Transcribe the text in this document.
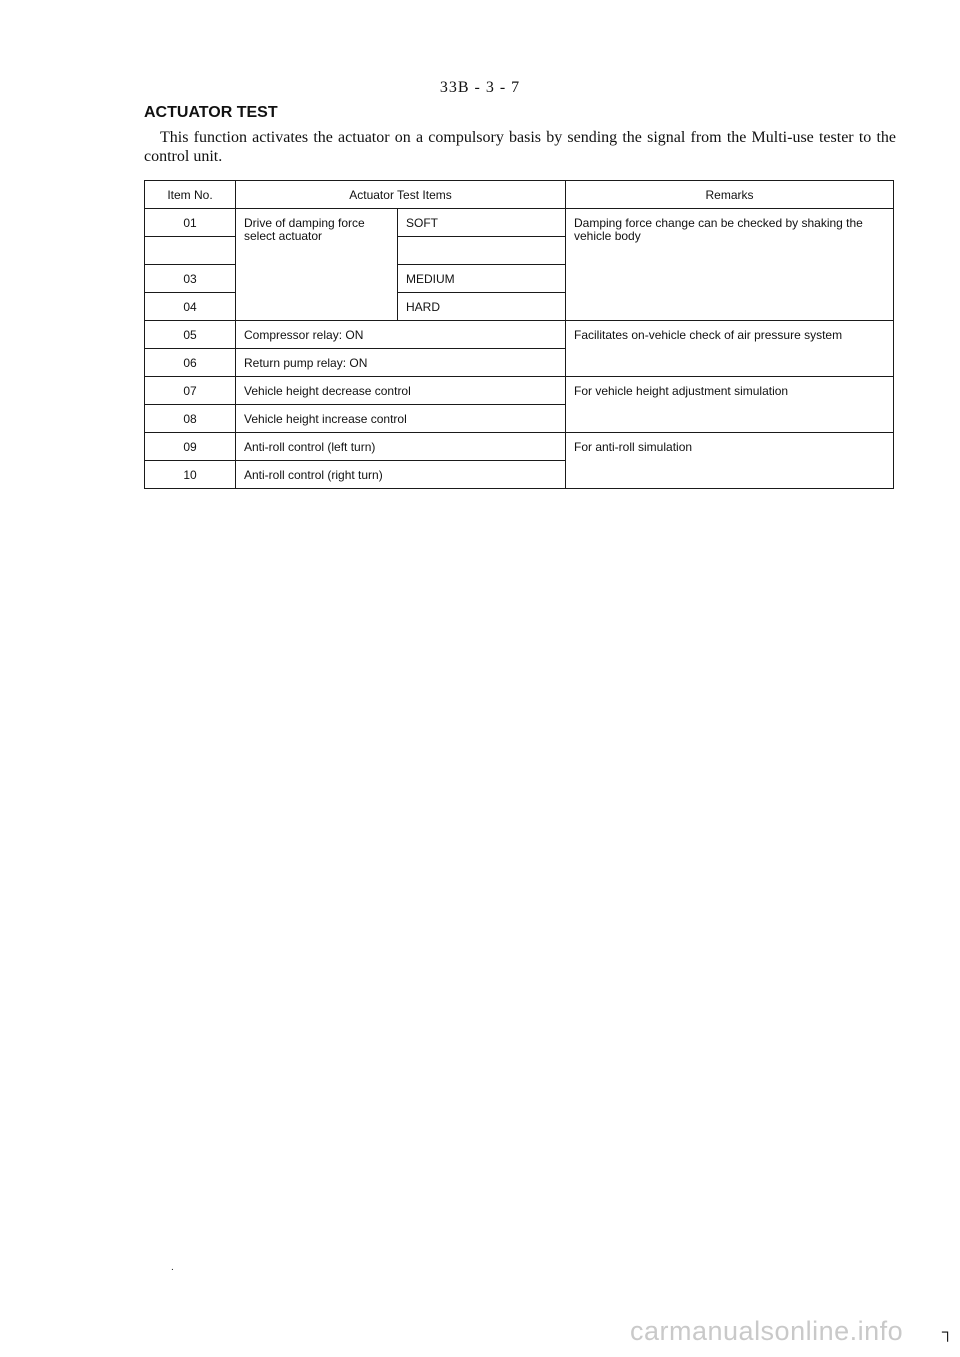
33B - 3 - 7
ACTUATOR TEST

This function activates the actuator on a compulsory basis by sending the signal from the Multi-use tester to the control unit.

Item No.	Actuator Test Items		Remarks
01	Drive of damping force select actuator	SOFT	Damping force change can be checked by shaking the vehicle body

03		MEDIUM	
04		HARD	
05	Compressor relay: ON		Facilitates on-vehicle check of air pressure system
06	Return pump relay: ON		
07	Vehicle height decrease control		For vehicle height adjustment simulation
08	Vehicle height increase control		
09	Anti-roll control (left turn)		For anti-roll simulation
10	Anti-roll control (right turn)		
.
carmanualsonline.info ┐
